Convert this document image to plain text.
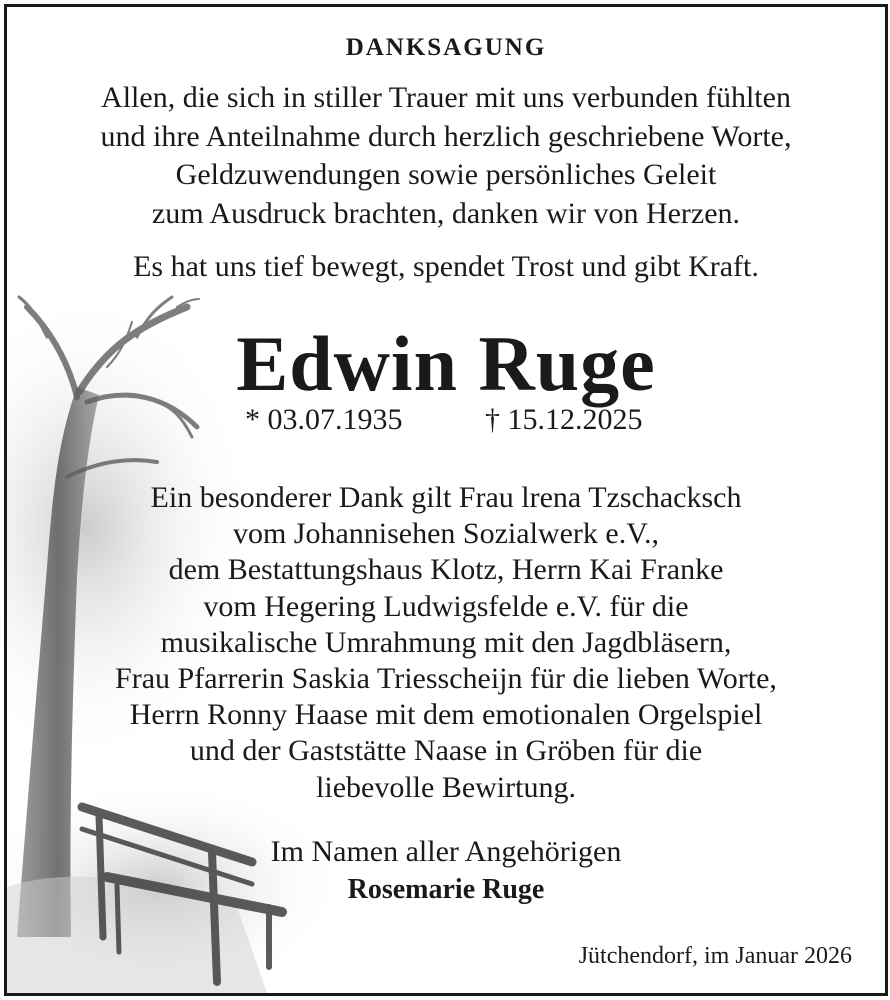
DANKSAGUNG
Allen, die sich in stiller Trauer mit uns verbunden fühlten
und ihre Anteilnahme durch herzlich geschriebene Worte,
Geldzuwendungen sowie persönliches Geleit
zum Ausdruck brachten, danken wir von Herzen.
Es hat uns tief bewegt, spendet Trost und gibt Kraft.
Edwin Ruge
* 03.07.1935	† 15.12.2025
Ein besonderer Dank gilt Frau lrena Tzschacksch
vom Johannisehen Sozialwerk e.V.,
dem Bestattungshaus Klotz, Herrn Kai Franke
vom Hegering Ludwigsfelde e.V. für die
musikalische Umrahmung mit den Jagdbläsern,
Frau Pfarrerin Saskia Triesscheijn für die lieben Worte,
Herrn Ronny Haase mit dem emotionalen Orgelspiel
und der Gaststätte Naase in Gröben für die
liebevolle Bewirtung.
Im Namen aller Angehörigen
Rosemarie Ruge
Jütchendorf, im Januar 2026
